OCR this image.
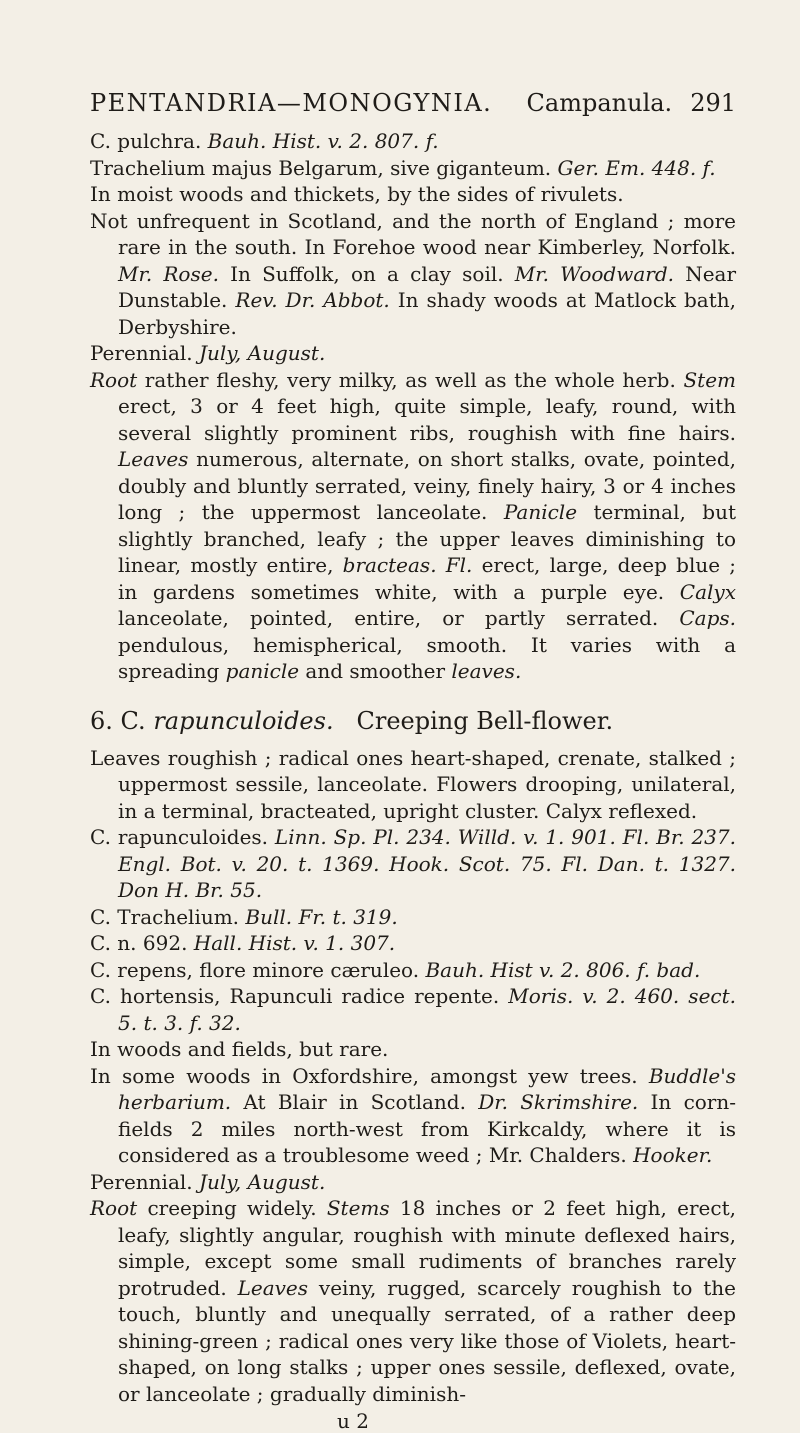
PENTANDRIA—MONOGYNIA. Campanula. 291

C. pulchra. Bauh. Hist. v. 2. 807. f.

Trachelium majus Belgarum, sive giganteum. Ger. Em. 448. f.

In moist woods and thickets, by the sides of rivulets.

Not unfrequent in Scotland, and the north of England ; more rare in the south. In Forehoe wood near Kimberley, Norfolk. Mr. Rose. In Suffolk, on a clay soil. Mr. Woodward. Near Dunstable. Rev. Dr. Abbot. In shady woods at Matlock bath, Derbyshire.

Perennial. July, August.

Root rather fleshy, very milky, as well as the whole herb. Stem erect, 3 or 4 feet high, quite simple, leafy, round, with several slightly prominent ribs, roughish with fine hairs. Leaves numerous, alternate, on short stalks, ovate, pointed, doubly and bluntly serrated, veiny, finely hairy, 3 or 4 inches long ; the uppermost lanceolate. Panicle terminal, but slightly branched, leafy ; the upper leaves diminishing to linear, mostly entire, bracteas. Fl. erect, large, deep blue ; in gardens sometimes white, with a purple eye. Calyx lanceolate, pointed, entire, or partly serrated. Caps. pendulous, hemispherical, smooth. It varies with a spreading panicle and smoother leaves.

6. C. rapunculoides. Creeping Bell-flower.

Leaves roughish ; radical ones heart-shaped, crenate, stalked ; uppermost sessile, lanceolate. Flowers drooping, unilateral, in a terminal, bracteated, upright cluster. Calyx reflexed.

C. rapunculoides. Linn. Sp. Pl. 234. Willd. v. 1. 901. Fl. Br. 237. Engl. Bot. v. 20. t. 1369. Hook. Scot. 75. Fl. Dan. t. 1327. Don H. Br. 55.

C. Trachelium. Bull. Fr. t. 319.

C. n. 692. Hall. Hist. v. 1. 307.

C. repens, flore minore cæruleo. Bauh. Hist v. 2. 806. f. bad.

C. hortensis, Rapunculi radice repente. Moris. v. 2. 460. sect. 5. t. 3. f. 32.

In woods and fields, but rare.

In some woods in Oxfordshire, amongst yew trees. Buddle's herbarium. At Blair in Scotland. Dr. Skrimshire. In corn-fields 2 miles north-west from Kirkcaldy, where it is considered as a troublesome weed ; Mr. Chalders. Hooker.

Perennial. July, August.

Root creeping widely. Stems 18 inches or 2 feet high, erect, leafy, slightly angular, roughish with minute deflexed hairs, simple, except some small rudiments of branches rarely protruded. Leaves veiny, rugged, scarcely roughish to the touch, bluntly and unequally serrated, of a rather deep shining-green ; radical ones very like those of Violets, heart-shaped, on long stalks ; upper ones sessile, deflexed, ovate, or lanceolate ; gradually diminish-

u 2
